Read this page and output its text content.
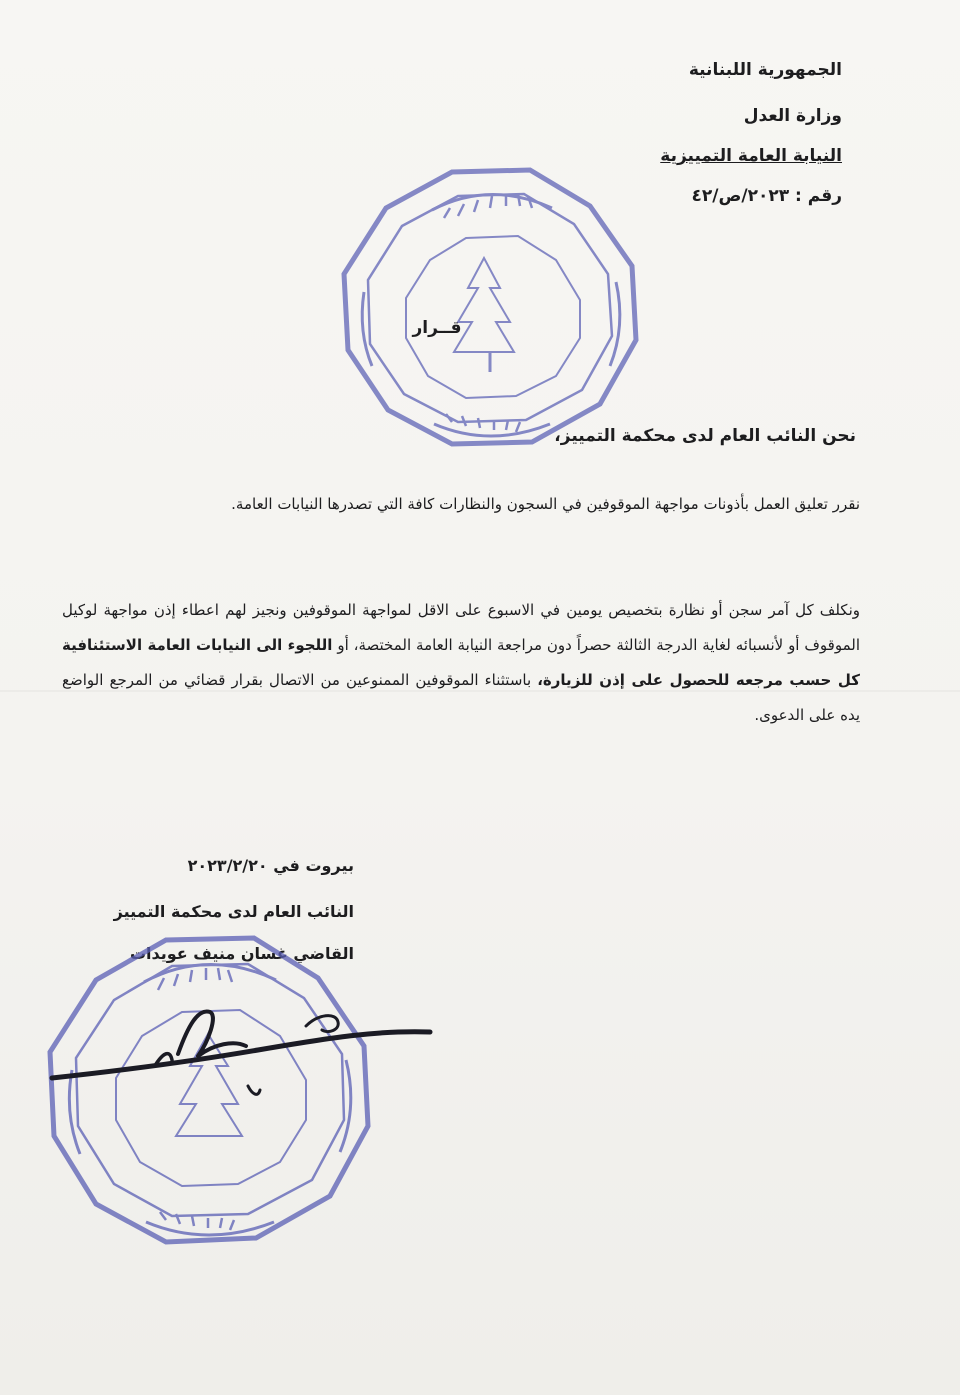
الجمهورية اللبنانية
وزارة العدل
النيابة العامة التمييزية
رقم : ٢٠٢٣/ص/٤٢
قــرار
نحن النائب العام لدى محكمة التمييز،
نقرر تعليق العمل بأذونات مواجهة الموقوفين في السجون والنظارات كافة التي تصدرها النيابات العامة.
ونكلف كل آمر سجن أو نظارة بتخصيص يومين في الاسبوع على الاقل لمواجهة الموقوفين ونجيز لهم اعطاء إذن مواجهة لوكيل الموقوف أو لأنسبائه لغاية الدرجة الثالثة حصراً دون مراجعة النيابة العامة المختصة، أو اللجوء الى النيابات العامة الاستئنافية كل حسب مرجعه للحصول على إذن للزيارة، باستثناء الموقوفين الممنوعين من الاتصال بقرار قضائي من المرجع الواضع يده على الدعوى.
بيروت في ٢٠٢٣/٢/٢٠
النائب العام لدى محكمة التمييز
القاضي غسان منيف عويدات
